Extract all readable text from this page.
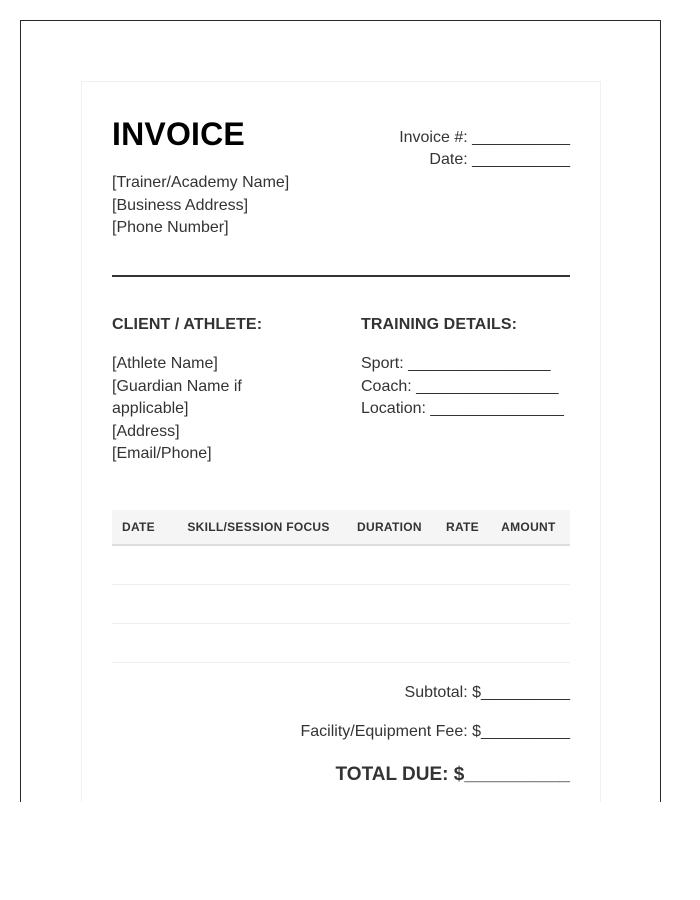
INVOICE
[Trainer/Academy Name]
[Business Address]
[Phone Number]
Invoice #: ___________
Date: ___________
CLIENT / ATHLETE:
[Athlete Name]
[Guardian Name if applicable]
[Address]
[Email/Phone]
TRAINING DETAILS:
Sport: ________________
Coach: ________________
Location: _______________
DATE	SKILL/SESSION FOCUS	DURATION	RATE	AMOUNT

Subtotal: $__________
Facility/Equipment Fee: $__________
TOTAL DUE: $__________
